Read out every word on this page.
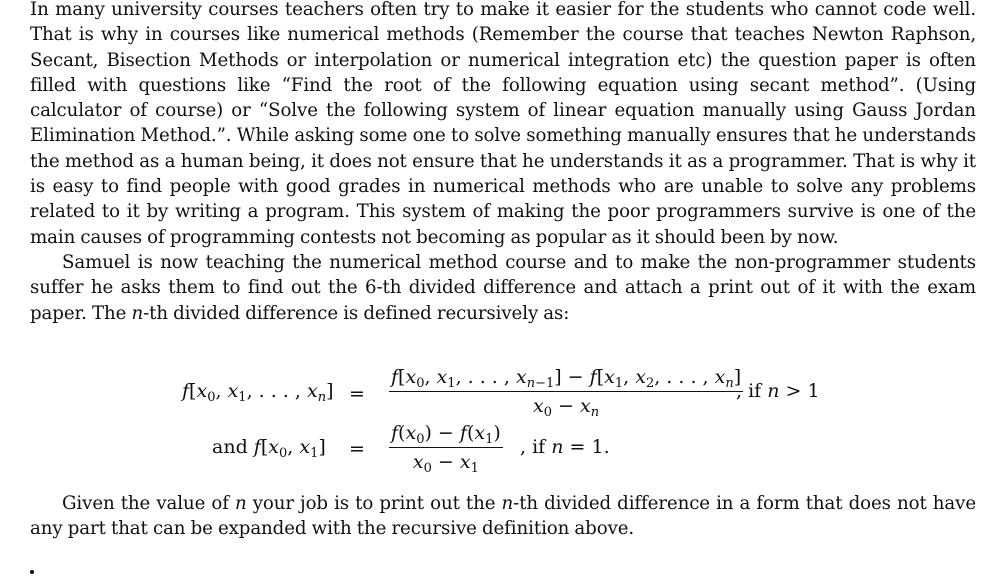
In many university courses teachers often try to make it easier for the students who cannot code well. That is why in courses like numerical methods (Remember the course that teaches Newton Raphson, Secant, Bisection Methods or interpolation or numerical integration etc) the question paper is often filled with questions like “Find the root of the following equation using secant method”. (Using calculator of course) or “Solve the following system of linear equation manually using Gauss Jordan Elimination Method.”. While asking some one to solve something manually ensures that he understands the method as a human being, it does not ensure that he understands it as a programmer. That is why it is easy to find people with good grades in numerical methods who are unable to solve any problems related to it by writing a program. This system of making the poor programmers survive is one of the main causes of programming contests not becoming as popular as it should been by now.

Samuel is now teaching the numerical method course and to make the non-programmer students suffer he asks them to find out the 6-th divided difference and attach a print out of it with the exam paper. The n-th divided difference is defined recursively as:

$f[x_0$, $x_1$, . . . , $x_n] = \frac{f[x_0, x_1, . . . , x_{n-1}] - f[x_1, x_2, . . . , x_n]}{x_0 - x_n}$
, if n > 1
and $f[x_0$, $x_1] = \frac{f(x_0) - f(x_1)}{x_0 - x_1}$ , if n = 1.

Given the value of n your job is to print out the n-th divided difference in a form that does not have any part that can be expanded with the recursive definition above.
